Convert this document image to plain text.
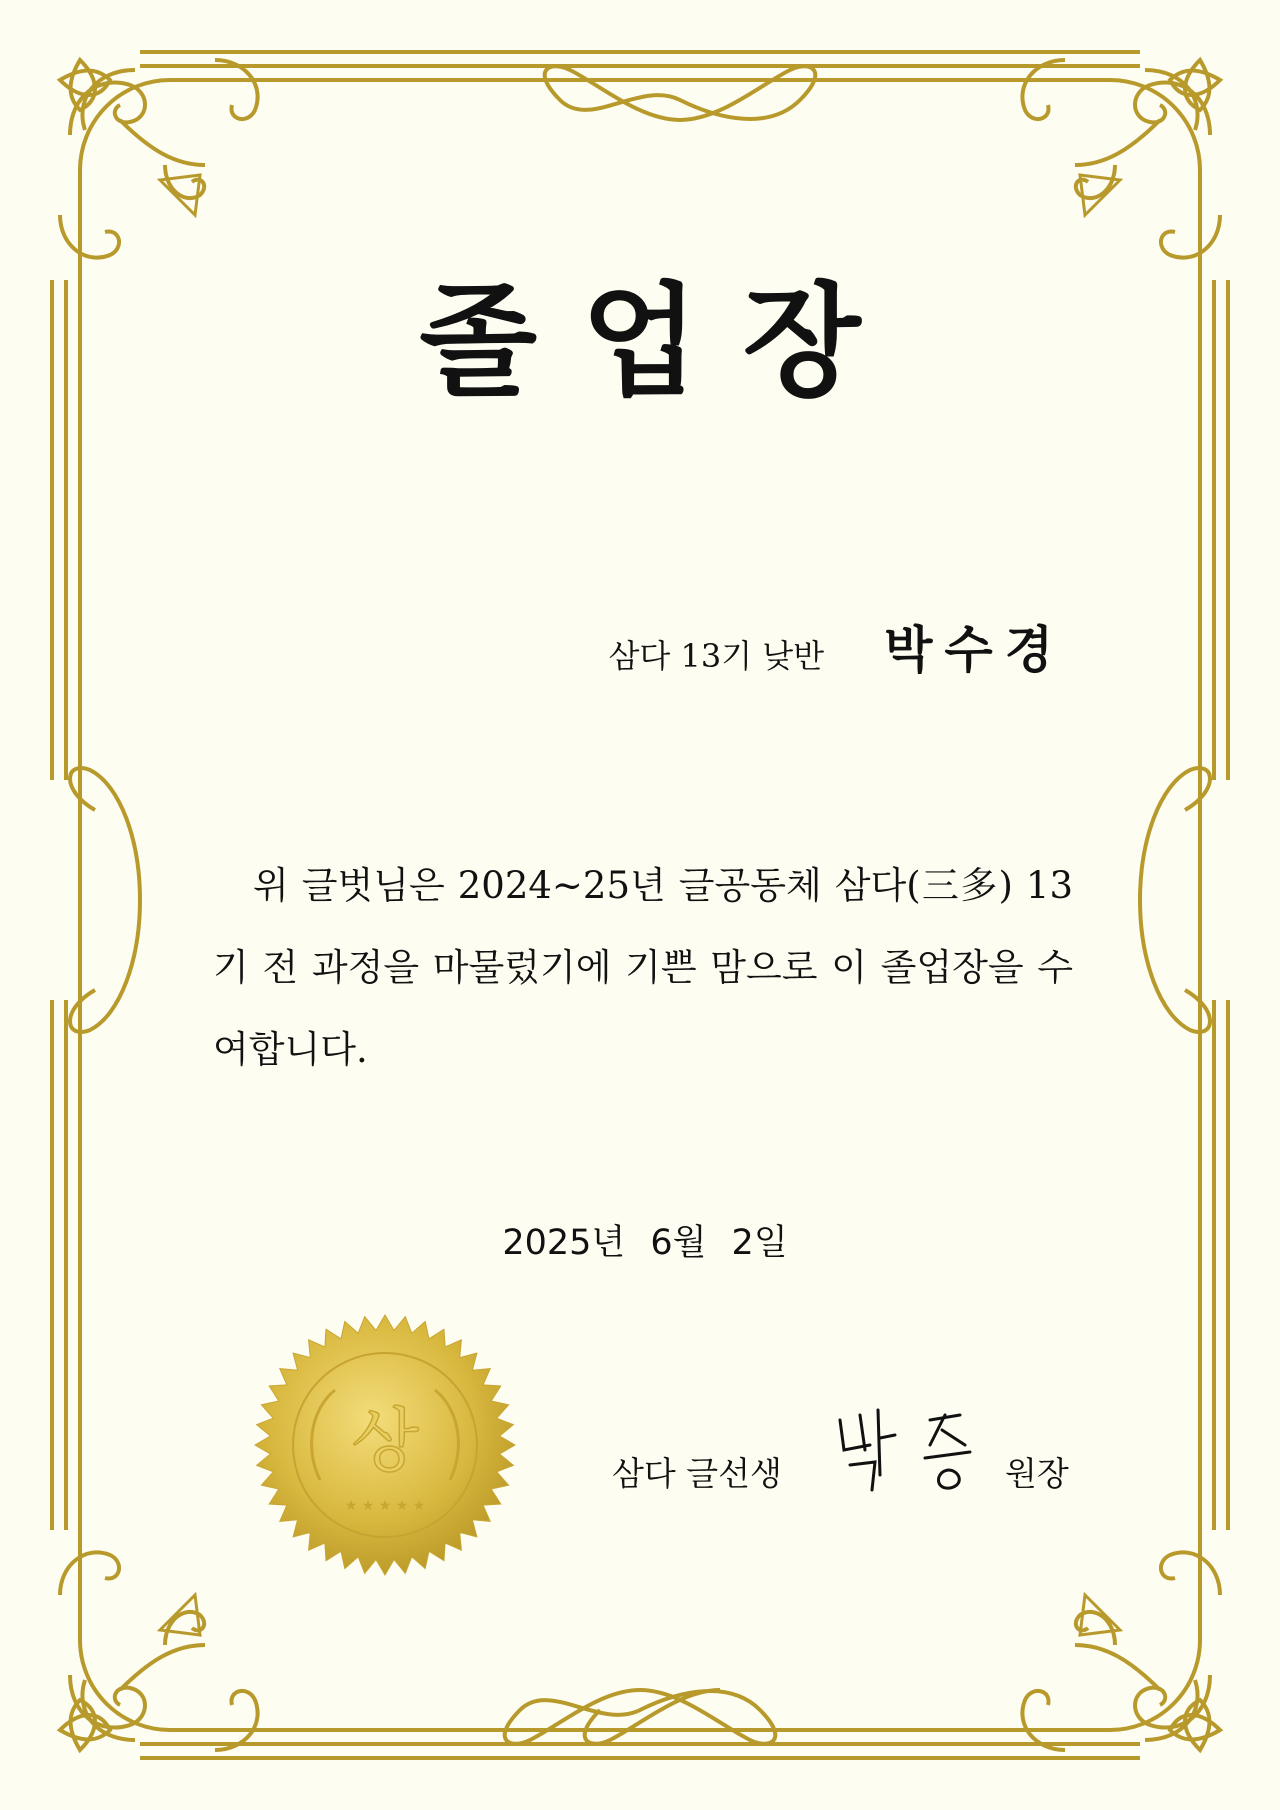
졸업장
삼다 13기 낮반 박수경
위 글벗님은 2024~25년 글공동체 삼다(三多) 13기 전 과정을 마물렀기에 기쁜 맘으로 이 졸업장을 수여합니다.
2025년 6월 2일
상
★ ★ ★ ★ ★
삼다 글선생	원장
